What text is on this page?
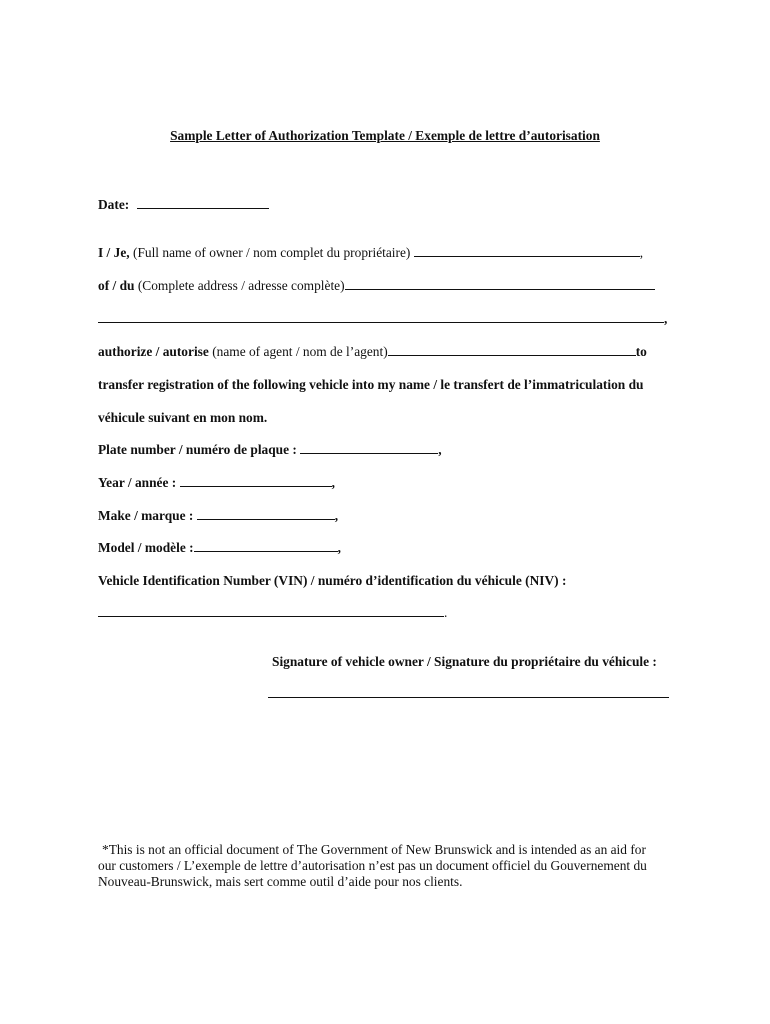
Sample Letter of Authorization Template / Exemple de lettre d’autorisation
Date:
I / Je, (Full name of owner / nom complet du propriétaire)	,
of / du (Complete address / adresse complète)
,
authorize / autorise (name of agent / nom de l’agent)	to
transfer registration of the following vehicle into my name / le transfert de l’immatriculation du
véhicule suivant en mon nom.
Plate number / numéro de plaque :	,
Year / année :	,
Make / marque :	,
Model / modèle :	,
Vehicle Identification Number (VIN) / numéro d’identification du véhicule (NIV) :
.
Signature of vehicle owner / Signature du propriétaire du véhicule :

*This is not an official document of The Government of New Brunswick and is intended as an aid for

our customers / L’exemple de lettre d’autorisation n’est pas un document officiel du Gouvernement du

Nouveau-Brunswick, mais sert comme outil d’aide pour nos clients.
